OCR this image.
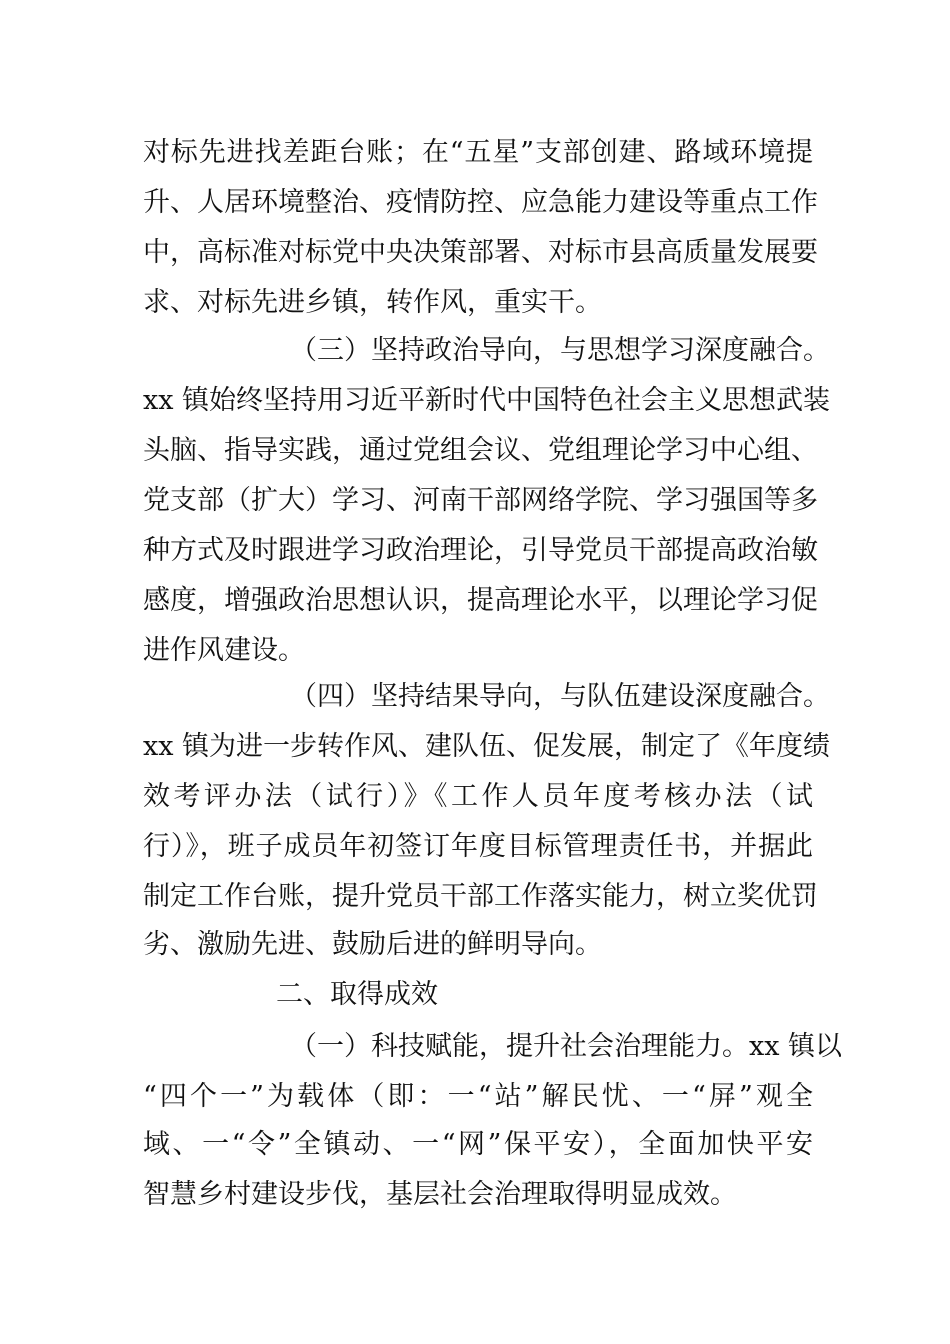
对标先进找差距台账；在“五星”支部创建、路域环境提
升、人居环境整治、疫情防控、应急能力建设等重点工作
中，高标准对标党中央决策部署、对标市县高质量发展要
求、对标先进乡镇，转作风，重实干。
（三）坚持政治导向，与思想学习深度融合。
xx 镇始终坚持用习近平新时代中国特色社会主义思想武装
头脑、指导实践，通过党组会议、党组理论学习中心组、
党支部（扩大）学习、河南干部网络学院、学习强国等多
种方式及时跟进学习政治理论，引导党员干部提高政治敏
感度，增强政治思想认识，提高理论水平，以理论学习促
进作风建设。
（四）坚持结果导向，与队伍建设深度融合。
xx 镇为进一步转作风、建队伍、促发展，制定了《年度绩
效考评办法（试行）》《工作人员年度考核办法（试
行）》，班子成员年初签订年度目标管理责任书，并据此
制定工作台账，提升党员干部工作落实能力，树立奖优罚
劣、激励先进、鼓励后进的鲜明导向。
二、取得成效
（一）科技赋能，提升社会治理能力。xx 镇以
“四个一”为载体（即：一“站”解民忧、一“屏”观全
域、一“令”全镇动、一“网”保平安），全面加快平安
智慧乡村建设步伐，基层社会治理取得明显成效。
